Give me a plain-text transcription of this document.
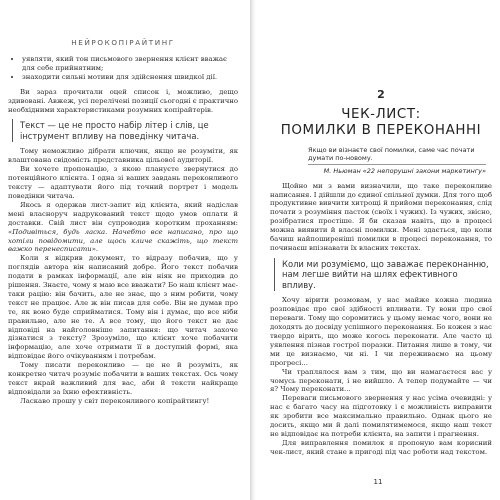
НЕЙРОКОПІРАЙТИНГ
• уявляти, який тон письмового звернення клієнт вважає для себе прийнятним;
• знаходити сильні мотиви для здійснення швидкої дії.

Ви зараз прочитали оцей список і, можливо, дещо здивовані. Авжеж, усі перелічені позиції сьогодні є практично необхідними характеристиками розумних копірайтерів.

Текст — це не просто набір літер і слів, це інструмент впливу на поведінку читача.

Тому неможливо дібрати ключик, якщо не розуміти, як влаштована свідомість представника цільової аудиторії.

Ви хочете пропонацію, з якою плануєте звернутися до потенційного клієнта. І одна зі ваших завдань переконливого тексту — адаптувати його під точний портрет і модель поведінки читача.

Якось я одержав лист-запит від клієнта, який надіслав мені власноруч надрукований текст щодо умов оплати й доставки. Свій лист він супроводив коротким проханням: «Подивіться, будь ласка. Начебто все написано, про що хотіли повідомити, але щось кличе скажіть, що текст важко перенесписати».

Коли я відкрив документ, то відразу побачив, що у поглядів автора він написаний добре. Його текст побачив подати в рамках інформації, але він ніяк не приходив до рішення. Знаєте, чому я маю все вважати? Бо наш клієнт має-таки рацію: він бачить, але не знає, що з ним робити, чому текст не працює. Але ж він писав для себе. Він не думав про те, як воно буде сприйматися. Тому він і думає, що все ніби правильно, але не те. А все тому, що його текст не дає відповіді на найголовніше запитання: що читач захоче дізнатися з тексту? Зрозуміло, що клієнт хоче побачити інформацію, але хоче отримати її в доступній формі, яка відповідає його очікуванням і потребам.

Тому писати переконливо — це не й розуміть, як конкретно читач розуміє побачити в ваших текстах. Ось чому текст вкрай важливий для вас, аби й тексти найкраще відповідали за їхню ефективність.

Ласкаво прошу у світ переконливого копірайтингу!

2
ЧЕК-ЛИСТ:
ПОМИЛКИ В ПЕРЕКОНАННІ
Якщо ви візнаєте свої помилки, саме час почати думати по-новому.
М. Ньюман «22 непорушні закони маркетингу»

Щойно ми з вами визначили, що таке переконливе написання. І дійшли до єдиної спільної думки. Для того щоб продуктивне вивчити хитрощі й прийоми переконання, слід почати з розуміння пасток (своїх і чужих). Із чужих, звісно, розібратися простіше. Я би сказав навіть, що в процесі можна виявити й власні помилки. Мені здається, що коли бачиш найпоширеніші помилки в процесі переконання, то починаєш впізнавати їх власних текстах.

Коли ми розуміємо, що заважає переконанню, нам легше вийти на шлях ефективного впливу.

Хочу вірити розмовам, у нас майже кожна людина розповідає про свої здібності впливати. Ту вони про свої переваги. Тому що соромитись у цьому немає чого, вони не доходять до досвіду успішного переконання. Бо кожен з нас твердо вірить, що може когось переконати. Але часто ці уявлення пізнав гострої поразки. Питання лише в тому, чи ми це визнаємо, чи ні. І чи переживаємо на цьому прогресі...

Чи траплялося вам з тим, що ви намагаєтеся вас у чомусь переконати, і не вийшло. А тепер подумайте — чи я? Чому переконати...

Переваги письмового звернення у нас усіма очевидні: у нас є багато часу на підготовку і є можливість виправити як зробити все максимально правильно. Однак цього не досить, якщо ми й далі помилятимемося, якщо наш текст не відповідає на потреби клієнта, на запити і прагнення.

Для виправлення помилок я пропоную вам корисний чек-лист, який стане в пригоді під час роботи над текстом.

11
